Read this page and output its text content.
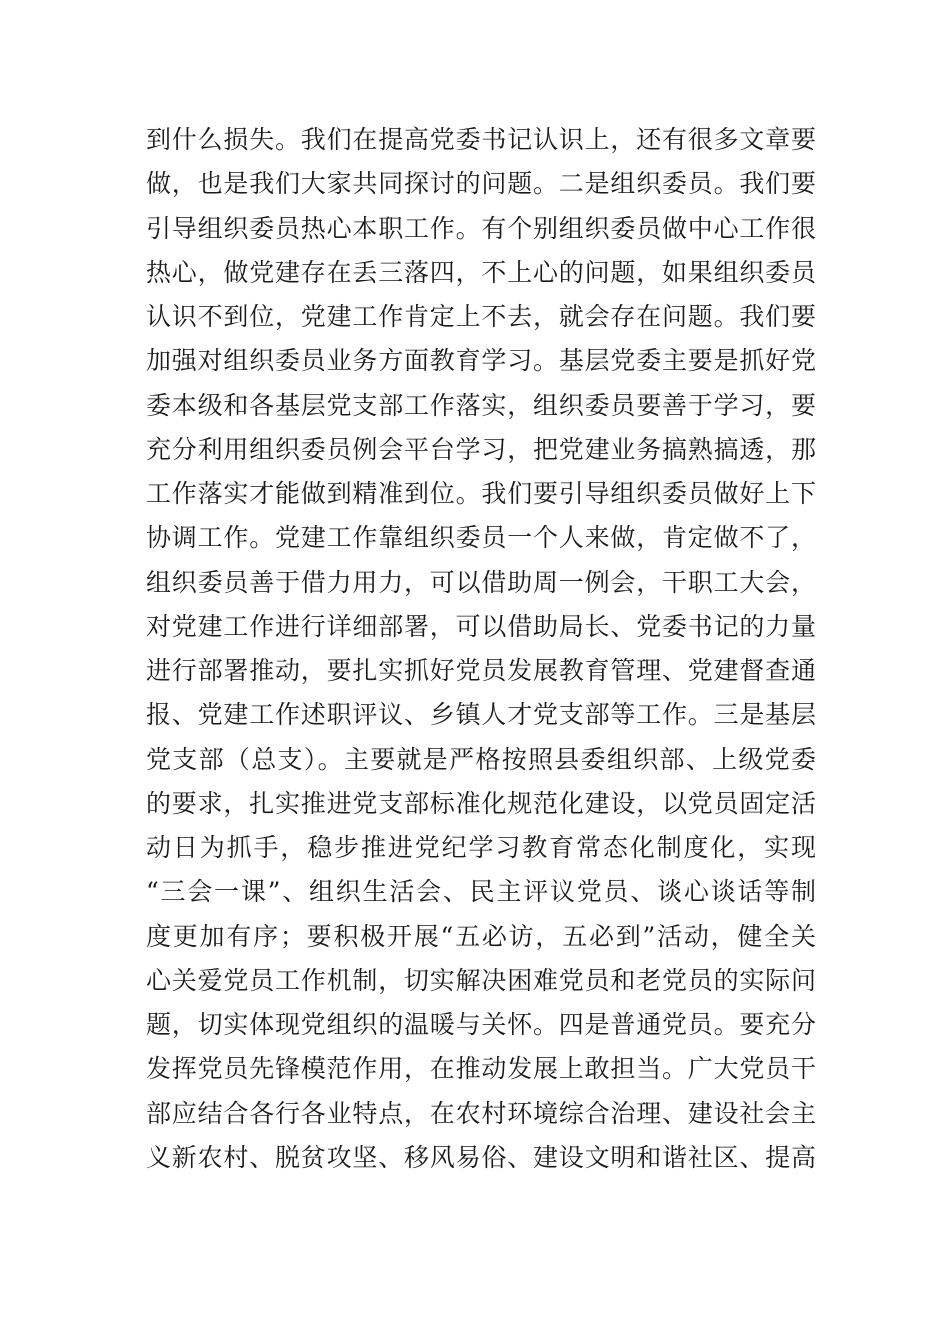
到什么损失。我们在提高党委书记认识上，还有很多文章要
做，也是我们大家共同探讨的问题。二是组织委员。我们要
引导组织委员热心本职工作。有个别组织委员做中心工作很
热心，做党建存在丢三落四，不上心的问题，如果组织委员
认识不到位，党建工作肯定上不去，就会存在问题。我们要
加强对组织委员业务方面教育学习。基层党委主要是抓好党
委本级和各基层党支部工作落实，组织委员要善于学习，要
充分利用组织委员例会平台学习，把党建业务搞熟搞透，那
工作落实才能做到精准到位。我们要引导组织委员做好上下
协调工作。党建工作靠组织委员一个人来做，肯定做不了，
组织委员善于借力用力，可以借助周一例会，干职工大会，
对党建工作进行详细部署，可以借助局长、党委书记的力量
进行部署推动，要扎实抓好党员发展教育管理、党建督查通
报、党建工作述职评议、乡镇人才党支部等工作。三是基层
党支部（总支）。主要就是严格按照县委组织部、上级党委
的要求，扎实推进党支部标准化规范化建设，以党员固定活
动日为抓手，稳步推进党纪学习教育常态化制度化，实现
“三会一课”、组织生活会、民主评议党员、谈心谈话等制
度更加有序；要积极开展“五必访，五必到”活动，健全关
心关爱党员工作机制，切实解决困难党员和老党员的实际问
题，切实体现党组织的温暖与关怀。四是普通党员。要充分
发挥党员先锋模范作用，在推动发展上敢担当。广大党员干
部应结合各行各业特点，在农村环境综合治理、建设社会主
义新农村、脱贫攻坚、移风易俗、建设文明和谐社区、提高
